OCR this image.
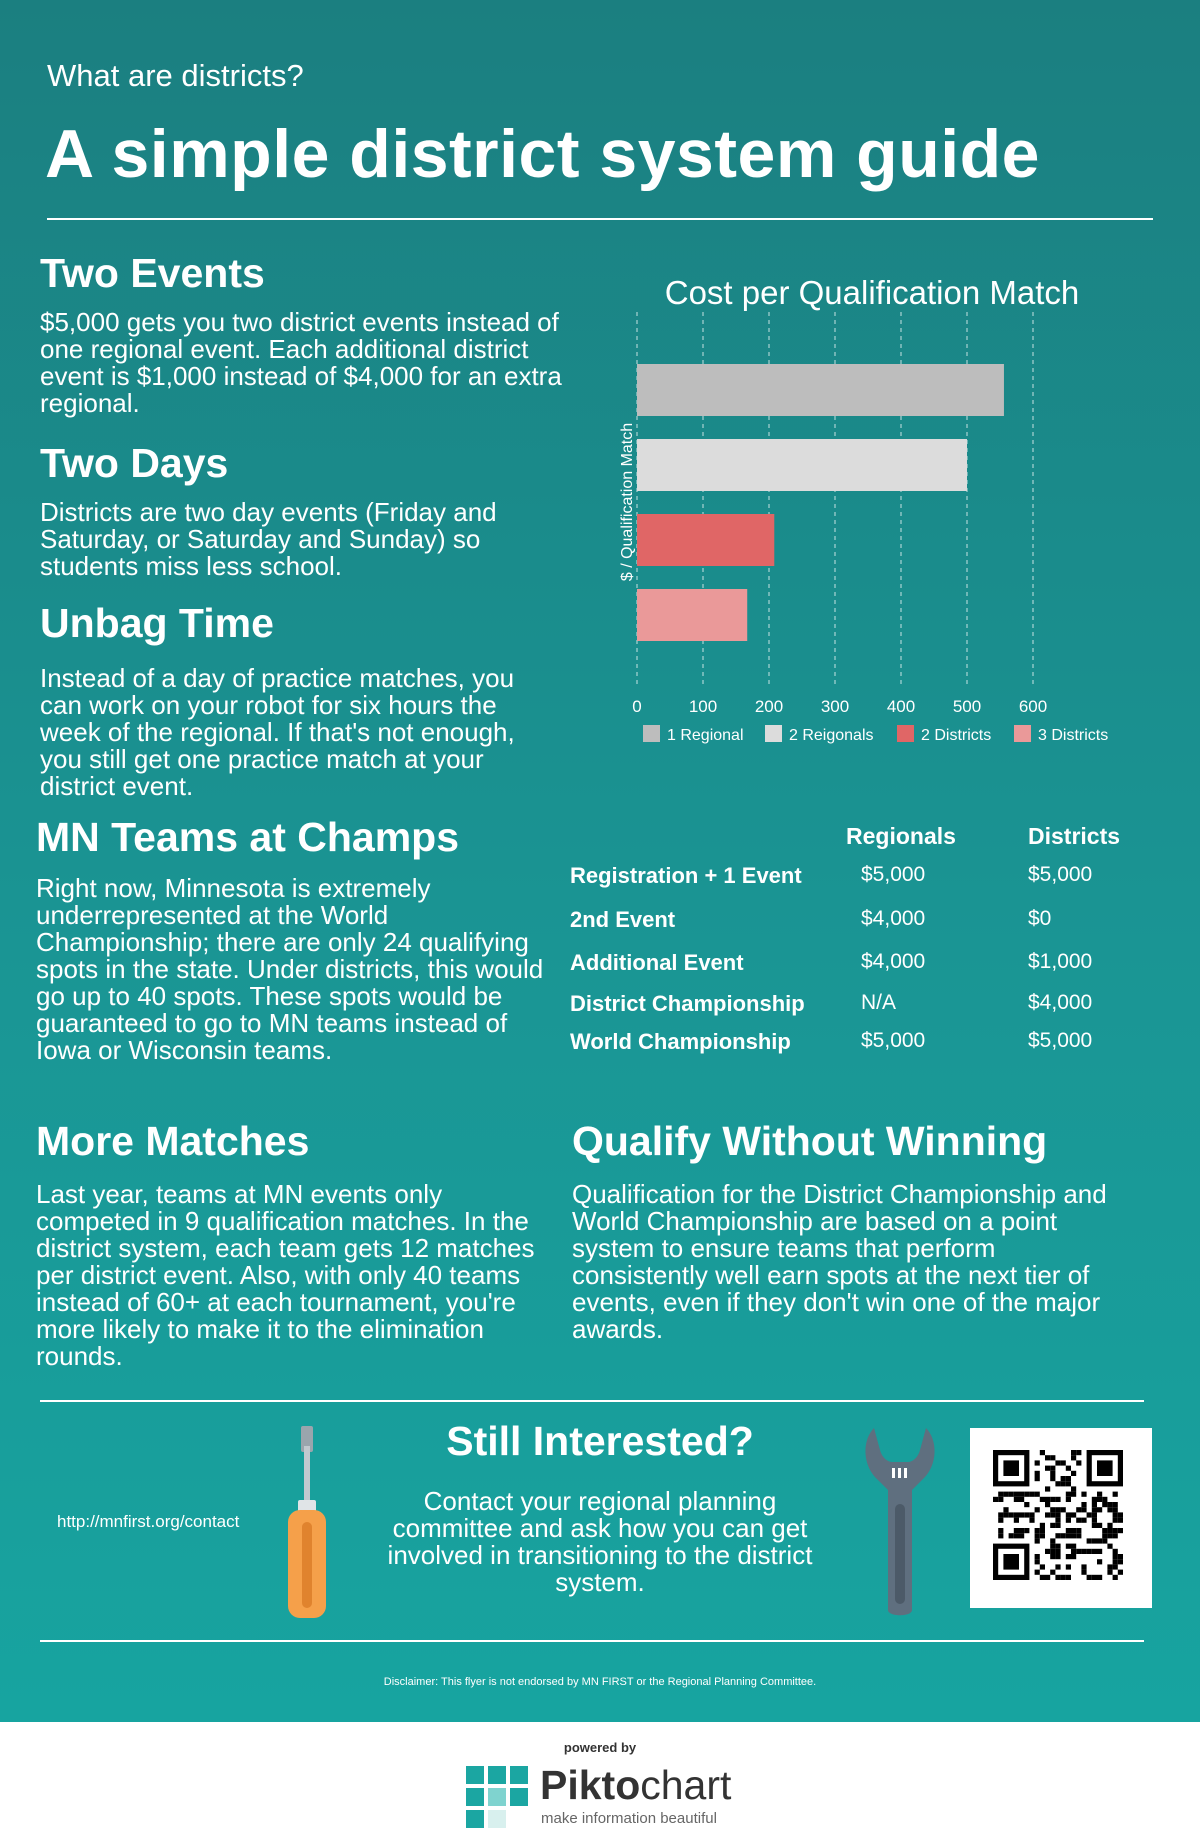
What are districts?
A simple district system guide
Two Events
$5,000 gets you two district events instead of one regional event. Each additional district event is $1,000 instead of $4,000 for an extra regional.
Two Days
Districts are two day events (Friday and Saturday, or Saturday and Sunday) so students miss less school.
Unbag Time
Instead of a day of practice matches, you can work on your robot for six hours the week of the regional. If that's not enough, you still get one practice match at your district event.
Cost per Qualification Match
0	100 200 300 400 500 600
1 Regional	2 Reigonals	2 Districts	3 Districts
$ / Qualification Match
MN Teams at Champs
Right now, Minnesota is extremely underrepresented at the World Championship; there are only 24 qualifying spots in the state. Under districts, this would go up to 40 spots. These spots would be guaranteed to go to MN teams instead of Iowa or Wisconsin teams.
Regionals	Districts
Registration + 1 Event	$5,000	$5,000
2nd Event	$4,000	$0
Additional Event	$4,000	$1,000
District Championship	N/A	$4,000
World Championship	$5,000	$5,000
More Matches
Last year, teams at MN events only competed in 9 qualification matches. In the district system, each team gets 12 matches per district event. Also, with only 40 teams instead of 60+ at each tournament, you're more likely to make it to the elimination rounds.
Qualify Without Winning
Qualification for the District Championship and World Championship are based on a point system to ensure teams that perform consistently well earn spots at the next tier of events, even if they don't win one of the major awards.
http://mnfirst.org/contact
Still Interested?
Contact your regional planning committee and ask how you can get involved in transitioning to the district system.
Disclaimer: This flyer is not endorsed by MN FIRST or the Regional Planning Committee.
powered by
Piktochart
make information beautiful
